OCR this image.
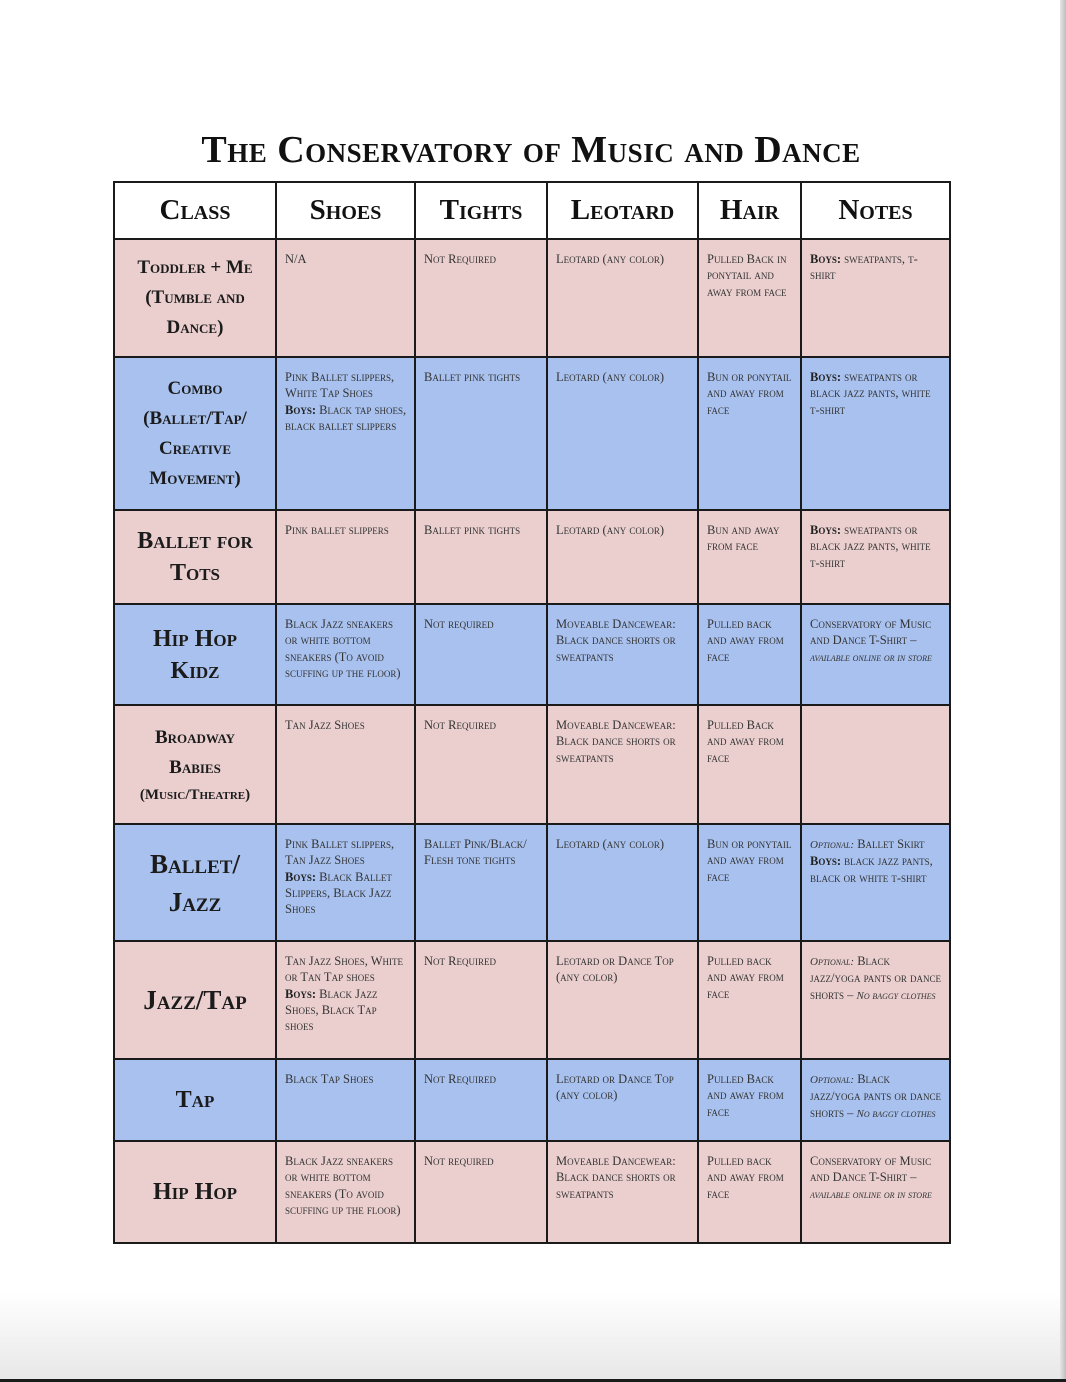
The Conservatory of Music and Dance
Class	Shoes	Tights	Leotard	Hair	Notes

Toddler + Me
(Tumble and
Dance)	N/A	Not Required	Leotard (any color)	Pulled Back in ponytail and away from face	Boys: sweatpants, t-shirt

Combo
(Ballet/Tap/
Creative
Movement)	Pink Ballet slippers, White Tap Shoes
Boys: Black tap shoes, black ballet slippers	Ballet pink tights	Leotard (any color)	Bun or ponytail and away from face	Boys: sweatpants or black jazz pants, white t-shirt

Ballet for
Tots	Pink ballet slippers	Ballet pink tights	Leotard (any color)	Bun and away from face	Boys: sweatpants or black jazz pants, white t-shirt

Hip Hop
Kidz	Black Jazz sneakers or white bottom sneakers (To avoid scuffing up the floor)	Not required	Moveable Dancewear: Black dance shorts or sweatpants	Pulled back and away from face	Conservatory of Music and Dance T-Shirt – available online or in store

Broadway
Babies
(Music/Theatre)	Tan Jazz Shoes	Not Required	Moveable Dancewear: Black dance shorts or sweatpants	Pulled Back and away from face	

Ballet/
Jazz	Pink Ballet slippers, Tan Jazz Shoes
Boys: Black Ballet Slippers, Black Jazz Shoes	Ballet Pink/Black/ Flesh tone tights	Leotard (any color)	Bun or ponytail and away from face	Optional: Ballet Skirt
Boys: black jazz pants, black or white t-shirt

Jazz/Tap	Tan Jazz Shoes, White or Tan Tap shoes
Boys: Black Jazz Shoes, Black Tap shoes	Not Required	Leotard or Dance Top (any color)	Pulled back and away from face	Optional: Black jazz/yoga pants or dance shorts – No baggy clothes

Tap	Black Tap Shoes	Not Required	Leotard or Dance Top (any color)	Pulled Back and away from face	Optional: Black jazz/yoga pants or dance shorts – No baggy clothes

Hip Hop	Black Jazz sneakers or white bottom sneakers (To avoid scuffing up the floor)	Not required	Moveable Dancewear: Black dance shorts or sweatpants	Pulled back and away from face	Conservatory of Music and Dance T-Shirt – available online or in store
